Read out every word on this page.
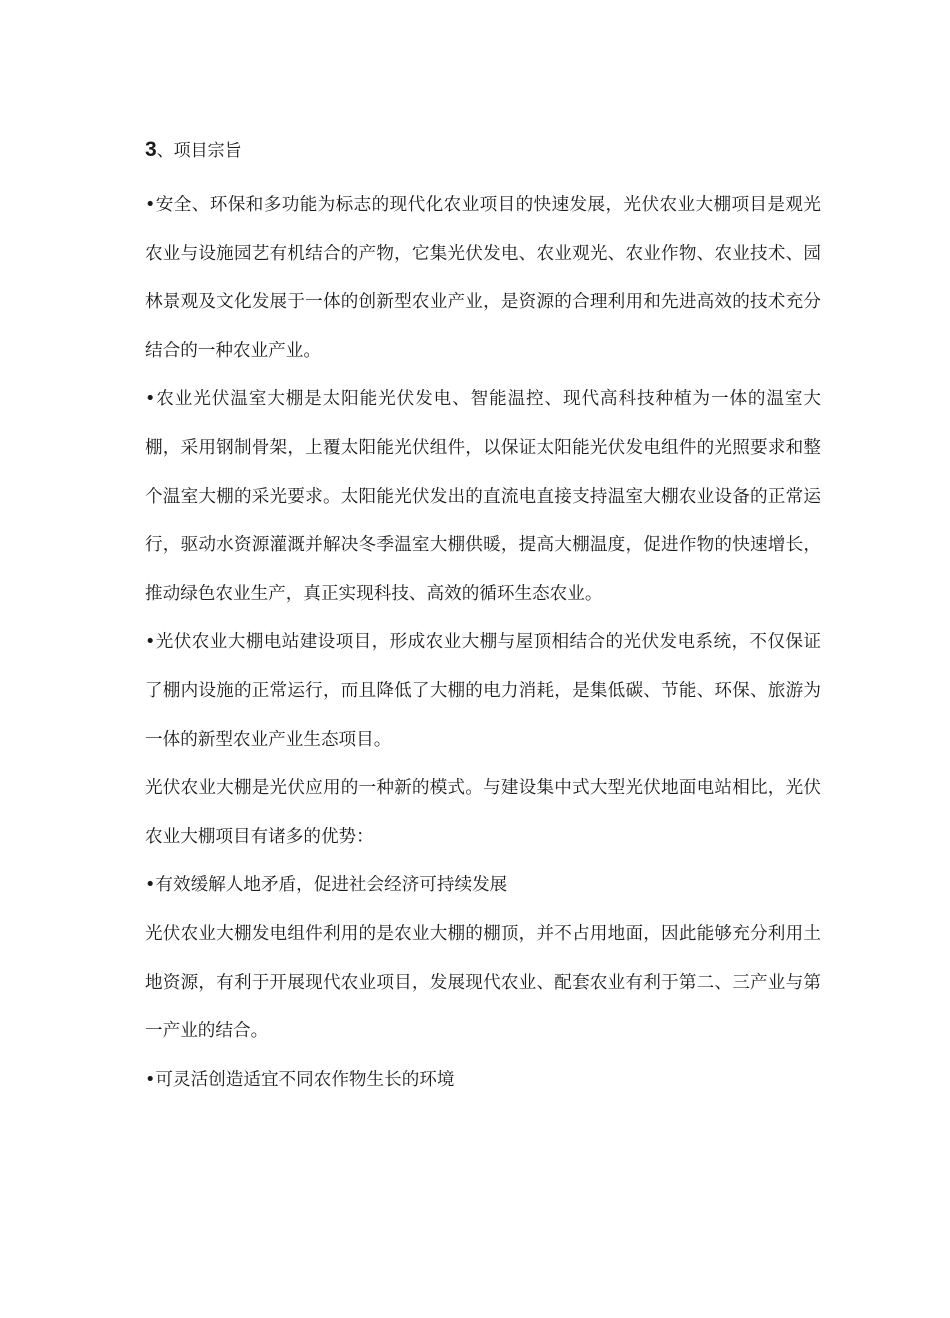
3、项目宗旨

•安全、环保和多功能为标志的现代化农业项目的快速发展，光伏农业大棚项目是观光农业与设施园艺有机结合的产物，它集光伏发电、农业观光、农业作物、农业技术、园林景观及文化发展于一体的创新型农业产业，是资源的合理利用和先进高效的技术充分结合的一种农业产业。

•农业光伏温室大棚是太阳能光伏发电、智能温控、现代高科技种植为一体的温室大棚，采用钢制骨架，上覆太阳能光伏组件，以保证太阳能光伏发电组件的光照要求和整个温室大棚的采光要求。太阳能光伏发出的直流电直接支持温室大棚农业设备的正常运行，驱动水资源灌溉并解决冬季温室大棚供暖，提高大棚温度，促进作物的快速增长，推动绿色农业生产，真正实现科技、高效的循环生态农业。

•光伏农业大棚电站建设项目，形成农业大棚与屋顶相结合的光伏发电系统，不仅保证了棚内设施的正常运行，而且降低了大棚的电力消耗，是集低碳、节能、环保、旅游为一体的新型农业产业生态项目。

光伏农业大棚是光伏应用的一种新的模式。与建设集中式大型光伏地面电站相比，光伏农业大棚项目有诸多的优势：

•有效缓解人地矛盾，促进社会经济可持续发展

光伏农业大棚发电组件利用的是农业大棚的棚顶，并不占用地面，因此能够充分利用土地资源，有利于开展现代农业项目，发展现代农业、配套农业有利于第二、三产业与第一产业的结合。

•可灵活创造适宜不同农作物生长的环境
